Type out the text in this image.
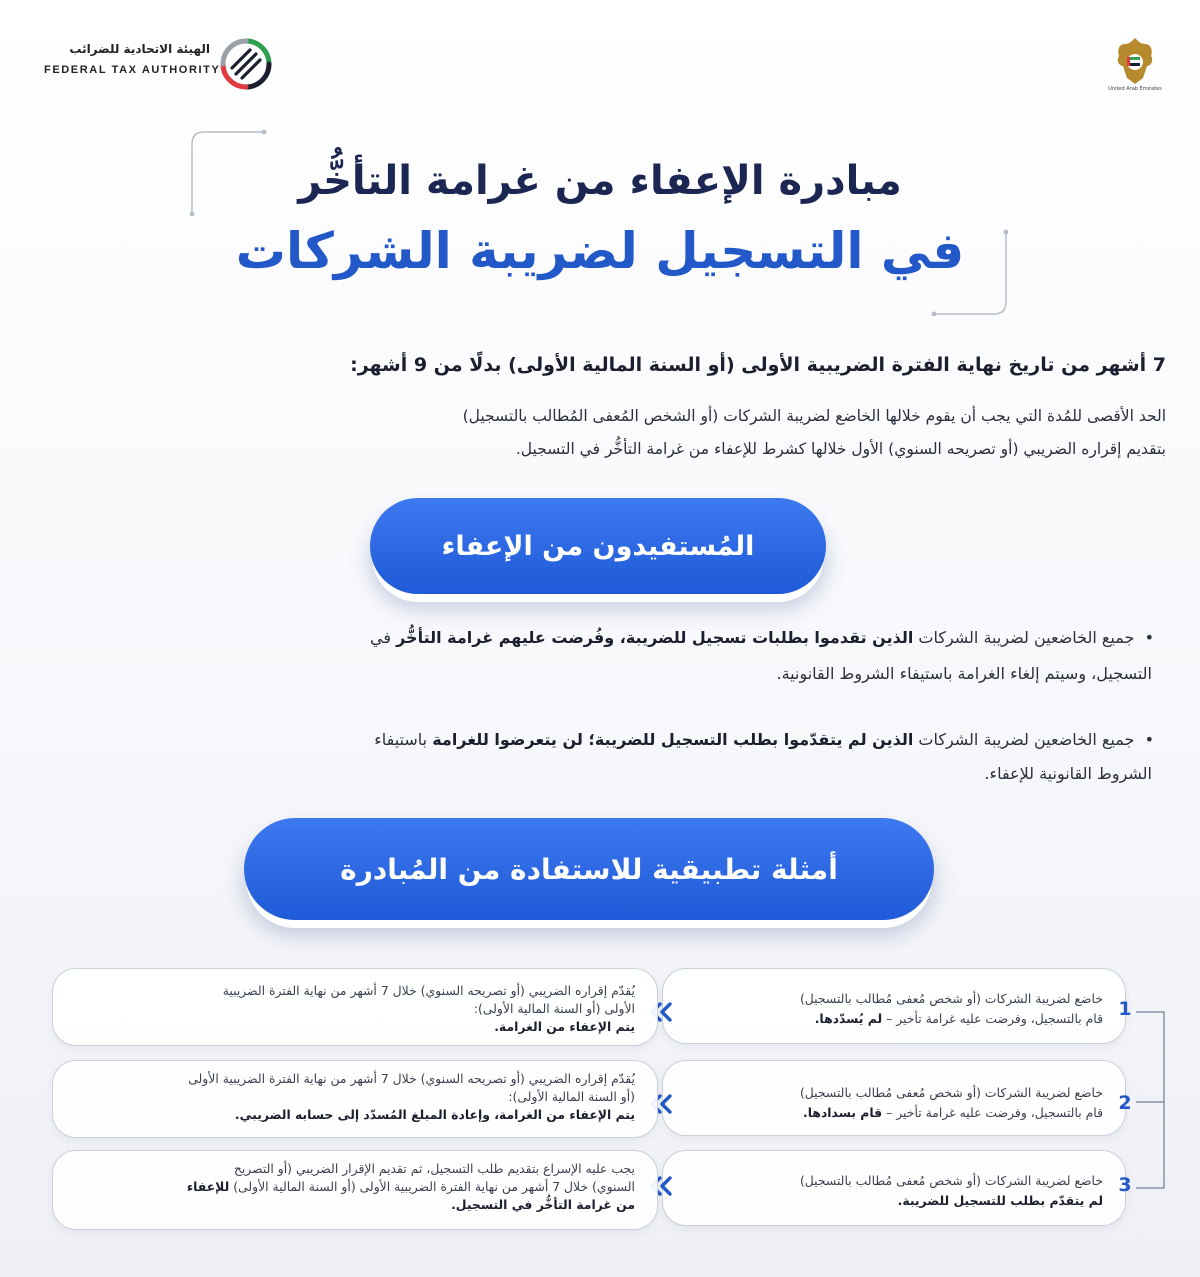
الهيئة الاتحادية للضرائب
FEDERAL TAX AUTHORITY
United Arab Emirates
مبادرة الإعفاء من غرامة التأخُّر
في التسجيل لضريبة الشركات
7 أشهر من تاريخ نهاية الفترة الضريبية الأولى (أو السنة المالية الأولى) بدلًا من 9 أشهر:
الحد الأقصى للمُدة التي يجب أن يقوم خلالها الخاضع لضريبة الشركات (أو الشخص المُعفى المُطالب بالتسجيل)
بتقديم إقراره الضريبي (أو تصريحه السنوي) الأول خلالها كشرط للإعفاء من غرامة التأخُّر في التسجيل.
المُستفيدون من الإعفاء
•  جميع الخاضعين لضريبة الشركات الذين تقدموا بطلبات تسجيل للضريبة، وفُرضت عليهم غرامة التأخُّر في
التسجيل، وسيتم إلغاء الغرامة باستيفاء الشروط القانونية.
•  جميع الخاضعين لضريبة الشركات الذين لم يتقدّموا بطلب التسجيل للضريبة؛ لن يتعرضوا للغرامة باستيفاء
الشروط القانونية للإعفاء.
أمثلة تطبيقية للاستفادة من المُبادرة
خاضع لضريبة الشركات (أو شخص مُعفى مُطالب بالتسجيل)
قام بالتسجيل، وفرضت عليه غرامة تأخير – لم يُسدّدها.	1
يُقدّم إقراره الضريبي (أو تصريحه السنوي) خلال 7 أشهر من نهاية الفترة الضريبية
الأولى (أو السنة المالية الأولى):
يتم الإعفاء من الغرامة.
خاضع لضريبة الشركات (أو شخص مُعفى مُطالب بالتسجيل)
قام بالتسجيل، وفرضت عليه غرامة تأخير – قام بسدادها.	2
يُقدّم إقراره الضريبي (أو تصريحه السنوي) خلال 7 أشهر من نهاية الفترة الضريبية الأولى
(أو السنة المالية الأولى):
يتم الإعفاء من الغرامة، وإعادة المبلغ المُسدّد إلى حسابه الضريبي.
خاضع لضريبة الشركات (أو شخص مُعفى مُطالب بالتسجيل)
لم يتقدّم بطلب للتسجيل للضريبة.
3
يجب عليه الإسراع بتقديم طلب التسجيل، ثم تقديم الإقرار الضريبي (أو التصريح
السنوي) خلال 7 أشهر من نهاية الفترة الضريبية الأولى (أو السنة المالية الأولى) للإعفاء
من غرامة التأخُّر في التسجيل.
